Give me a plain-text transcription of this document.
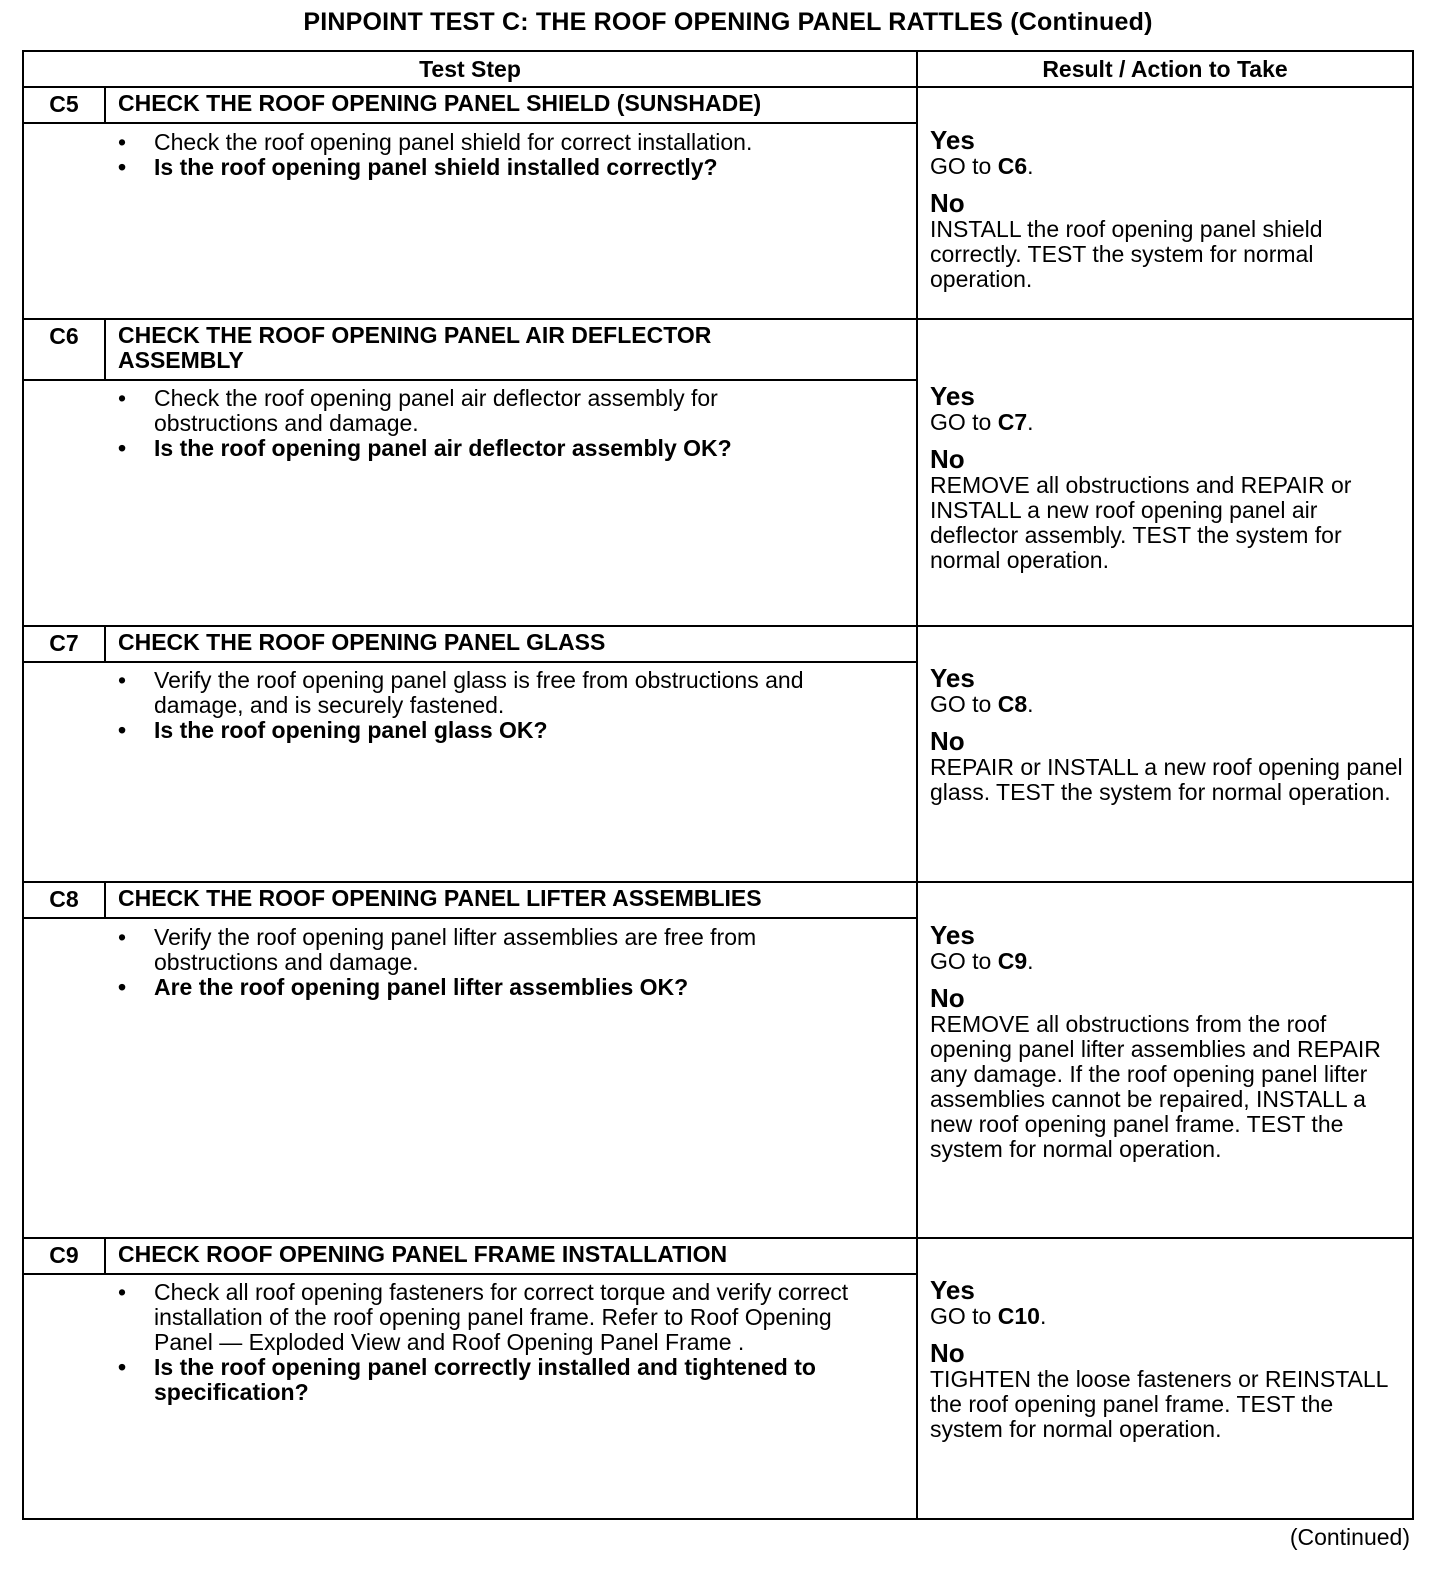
PINPOINT TEST C: THE ROOF OPENING PANEL RATTLES (Continued)
Test Step	Result / Action to Take
C5	CHECK THE ROOF OPENING PANEL SHIELD (SUNSHADE)
• Check the roof opening panel shield for correct installation.
• Is the roof opening panel shield installed correctly?
Yes
GO to C6.
No
INSTALL the roof opening panel shield correctly. TEST the system for normal operation.
C6	CHECK THE ROOF OPENING PANEL AIR DEFLECTOR ASSEMBLY
• Check the roof opening panel air deflector assembly for obstructions and damage.
• Is the roof opening panel air deflector assembly OK?
Yes
GO to C7.
No
REMOVE all obstructions and REPAIR or INSTALL a new roof opening panel air deflector assembly. TEST the system for normal operation.
C7	CHECK THE ROOF OPENING PANEL GLASS
• Verify the roof opening panel glass is free from obstructions and damage, and is securely fastened.
• Is the roof opening panel glass OK?
Yes
GO to C8.
No
REPAIR or INSTALL a new roof opening panel glass. TEST the system for normal operation.
C8	CHECK THE ROOF OPENING PANEL LIFTER ASSEMBLIES
• Verify the roof opening panel lifter assemblies are free from obstructions and damage.
• Are the roof opening panel lifter assemblies OK?
Yes
GO to C9.
No
REMOVE all obstructions from the roof opening panel lifter assemblies and REPAIR any damage. If the roof opening panel lifter assemblies cannot be repaired, INSTALL a new roof opening panel frame. TEST the system for normal operation.
C9	CHECK ROOF OPENING PANEL FRAME INSTALLATION
• Check all roof opening fasteners for correct torque and verify correct installation of the roof opening panel frame. Refer to Roof Opening Panel — Exploded View and Roof Opening Panel Frame .
• Is the roof opening panel correctly installed and tightened to specification?
Yes
GO to C10.
No
TIGHTEN the loose fasteners or REINSTALL the roof opening panel frame. TEST the system for normal operation.
(Continued)
